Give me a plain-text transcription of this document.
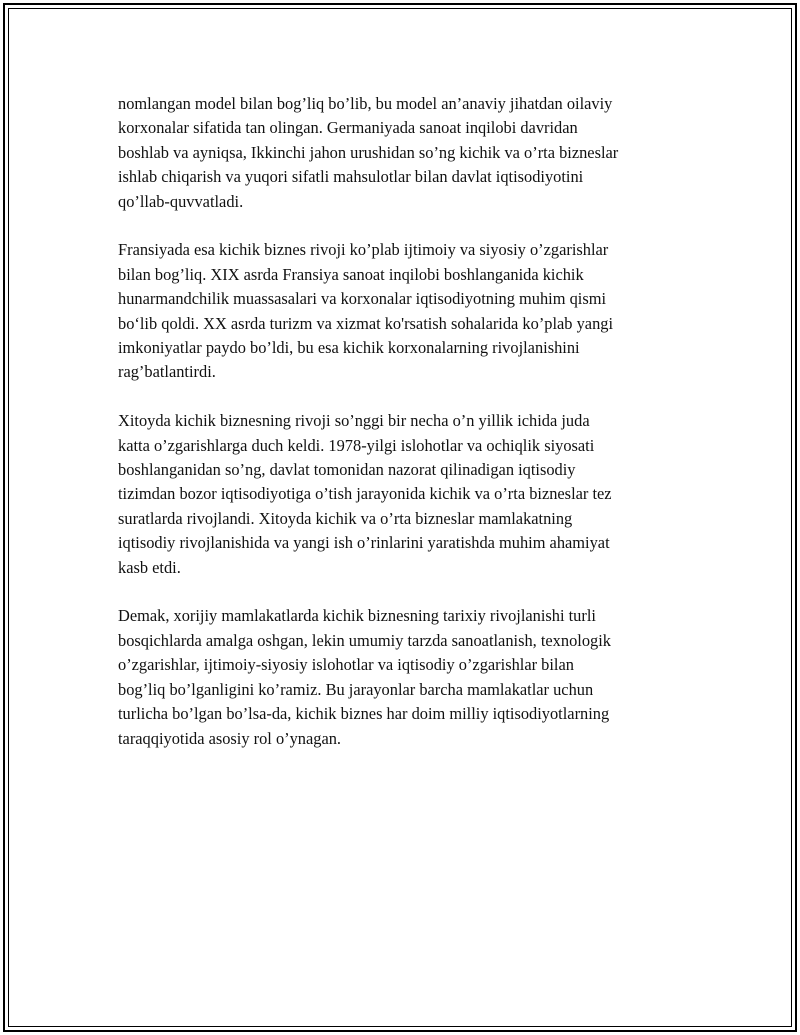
nomlangan model bilan bog’liq bo’lib, bu model an’anaviy jihatdan oilaviy
korxonalar sifatida tan olingan. Germaniyada sanoat inqilobi davridan
boshlab va ayniqsa, Ikkinchi jahon urushidan so’ng kichik va o’rta bizneslar
ishlab chiqarish va yuqori sifatli mahsulotlar bilan davlat iqtisodiyotini
qo’llab-quvvatladi.

Fransiyada esa kichik biznes rivoji ko’plab ijtimoiy va siyosiy o’zgarishlar
bilan bog’liq. XIX asrda Fransiya sanoat inqilobi boshlanganida kichik
hunarmandchilik muassasalari va korxonalar iqtisodiyotning muhim qismi
bo‘lib qoldi. XX asrda turizm va xizmat ko'rsatish sohalarida ko’plab yangi
imkoniyatlar paydo bo’ldi, bu esa kichik korxonalarning rivojlanishini
rag’batlantirdi.

Xitoyda kichik biznesning rivoji so’nggi bir necha o’n yillik ichida juda
katta o’zgarishlarga duch keldi. 1978-yilgi islohotlar va ochiqlik siyosati
boshlanganidan so’ng, davlat tomonidan nazorat qilinadigan iqtisodiy
tizimdan bozor iqtisodiyotiga o’tish jarayonida kichik va o’rta bizneslar tez
suratlarda rivojlandi. Xitoyda kichik va o’rta bizneslar mamlakatning
iqtisodiy rivojlanishida va yangi ish o’rinlarini yaratishda muhim ahamiyat
kasb etdi.

Demak, xorijiy mamlakatlarda kichik biznesning tarixiy rivojlanishi turli
bosqichlarda amalga oshgan, lekin umumiy tarzda sanoatlanish, texnologik
o’zgarishlar, ijtimoiy-siyosiy islohotlar va iqtisodiy o’zgarishlar bilan
bog’liq bo’lganligini ko’ramiz. Bu jarayonlar barcha mamlakatlar uchun
turlicha bo’lgan bo’lsa-da, kichik biznes har doim milliy iqtisodiyotlarning
taraqqiyotida asosiy rol o’ynagan.
